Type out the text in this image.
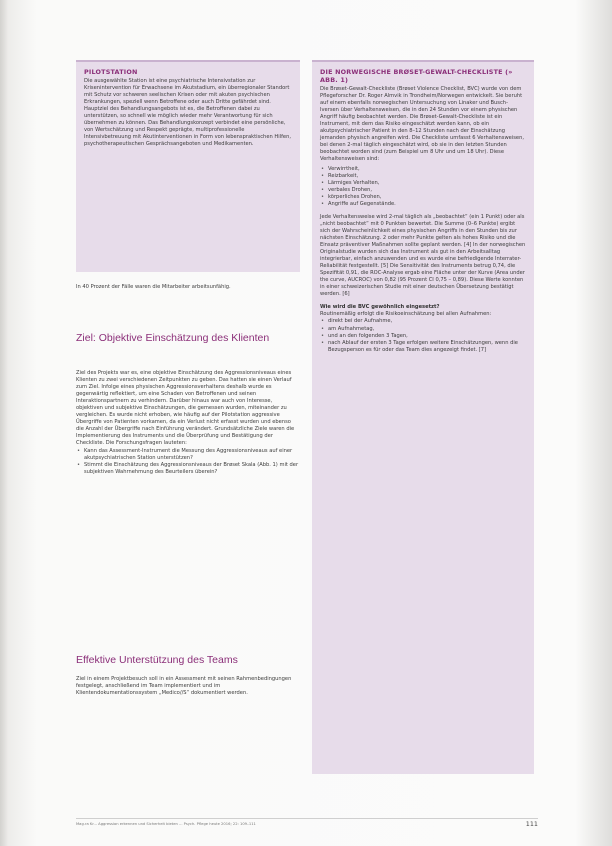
PILOTSTATION
Die ausgewählte Station ist eine psychiatrische Intensivstation zur Krisenintervention für Erwachsene im Akutstadium, ein überregionaler Standort mit Schutz vor schweren seelischen Krisen oder mit akuten psychischen Erkrankungen, speziell wenn Betroffene oder auch Dritte gefährdet sind. Hauptziel des Behandlungsangebots ist es, die Betroffenen dabei zu unterstützen, so schnell wie möglich wieder mehr Verantwortung für sich übernehmen zu können. Das Behandlungskonzept verbindet eine persönliche, von Wertschätzung und Respekt geprägte, multiprofessionelle Intensivbetreuung mit Akutinterventionen in Form von lebenspraktischen Hilfen, psychotherapeutischen Gesprächsangeboten und Medikamenten.
In 40 Prozent der Fälle waren die Mitarbeiter arbeitsunfähig.
Ziel: Objektive Einschätzung des Klienten
Ziel des Projekts war es, eine objektive Einschätzung des Aggressionsniveaus eines Klienten zu zwei verschiedenen Zeitpunkten zu geben. Das hatten sie einen Verlauf zum Ziel. Infolge eines physischen Aggressionsverhaltens deshalb wurde es gegenwärtig reflektiert, um eine Schaden von Betroffenen und seinen Interaktionspartnern zu verhindern. Darüber hinaus war auch von Interesse, objektiven und subjektive Einschätzungen, die gemessen wurden, miteinander zu vergleichen. Es wurde nicht erhoben, wie häufig auf der Pilotstation aggressive Übergriffe von Patienten vorkamen, da ein Verlust nicht erfasst wurden und ebenso die Anzahl der Übergriffe nach Einführung verändert. Grundsätzliche Ziele waren die Implementierung des Instruments und die Überprüfung und Bestätigung der Checkliste. Die Forschungsfragen lauteten:
• Kann das Assessment-Instrument die Messung des Aggressionsniveaus auf einer akutpsychiatrischen Station unterstützen?
• Stimmt die Einschätzung des Aggressionsniveaus der Brøset Skala (Abb. 1) mit der subjektiven Wahrnehmung des Beurteilers überein?
Effektive Unterstützung des Teams
Ziel in einem Projektbesuch soll in ein Assessment mit seinen Rahmenbedingungen festgelegt, anschließend im Team implementiert und im Klientendokumentationssystem „Medico//S“ dokumentiert werden.
DIE NORWEGISCHE BRØSET-GEWALT-CHECKLISTE (» ABB. 1)
Die Brøset-Gewalt-Checkliste (Brøset Violence Checklist, BVC) wurde von dem Pflegeforscher Dr. Roger Almvik in Trondheim/Norwegen entwickelt. Sie beruht auf einem ebenfalls norwegischen Untersuchung von Linaker und Busch-Iversen über Verhaltensweisen, die in den 24 Stunden vor einem physischen Angriff häufig beobachtet werden. Die Brøset-Gewalt-Checkliste ist ein Instrument, mit dem das Risiko eingeschätzt werden kann, ob ein akutpsychiatrischer Patient in den 8–12 Stunden nach der Einschätzung jemanden physisch angreifen wird. Die Checkliste umfasst 6 Verhaltensweisen, bei denen 2-mal täglich eingeschätzt wird, ob sie in den letzten Stunden beobachtet worden sind (zum Beispiel um 8 Uhr und um 18 Uhr). Diese Verhaltensweisen sind:
• Verwirrtheit,
• Reizbarkeit,
• Lärmiges Verhalten,
• verbales Drohen,
• körperliches Drohen,
• Angriffe auf Gegenstände.
Jede Verhaltensweise wird 2-mal täglich als „beobachtet“ (ein 1 Punkt) oder als „nicht beobachtet“ mit 0 Punkten bewertet. Die Summe (0–6 Punkte) ergibt sich der Wahrscheinlichkeit eines physischen Angriffs in den Stunden bis zur nächsten Einschätzung. 2 oder mehr Punkte gelten als hohes Risiko und die Einsatz präventiver Maßnahmen sollte geplant werden. [4] In der norwegischen Originalstudie wurden sich das Instrument als gut in den Arbeitsalltag integrierbar, einfach anzuwenden und es wurde eine befriedigende Interrater-Reliabilität festgestellt. [5] Die Sensitivität des Instruments betrug 0,74, die Spezifität 0,91, die ROC-Analyse ergab eine Fläche unter der Kurve (Area under the curve, AUCROC) von 0,82 (95 Prozent CI 0,75 – 0,89). Diese Werte konnten in einer schweizerischen Studie mit einer deutschen Übersetzung bestätigt werden. [6]
Wie wird die BVC gewöhnlich eingesetzt?
Routinemäßig erfolgt die Risikoeinschätzung bei allen Aufnahmen:
• direkt bei der Aufnahme,
• am Aufnahmetag,
• und an den folgenden 3 Tagen,
• nach Ablauf der ersten 3 Tage erfolgen weitere Einschätzungen, wenn die Bezugsperson es für oder das Team dies angezeigt findet. [7]
Mag.ra Kr... Aggression erkennen und Sicherheit bieten ... Psych. Pflege heute 2016; 22: 109–111	111
